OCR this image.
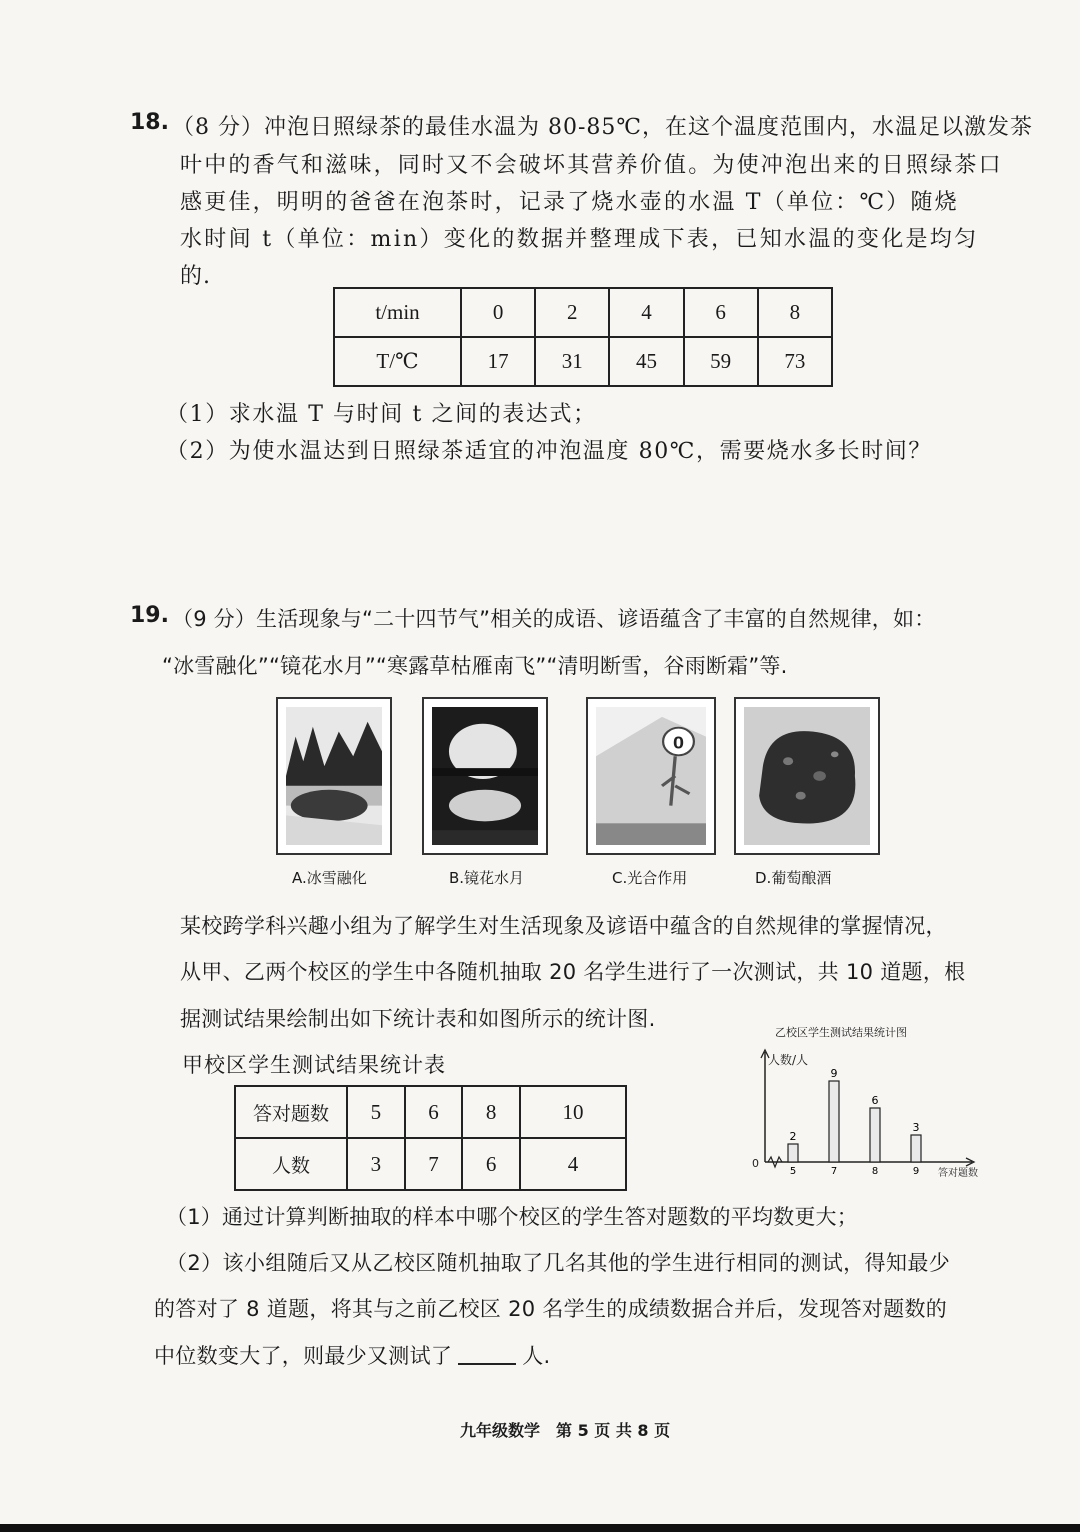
18. （8 分）冲泡日照绿茶的最佳水温为 80-85℃，在这个温度范围内，水温足以激发茶
叶中的香气和滋味，同时又不会破坏其营养价值。为使冲泡出来的日照绿茶口
感更佳，明明的爸爸在泡茶时，记录了烧水壶的水温 T（单位：℃）随烧
水时间 t（单位：min）变化的数据并整理成下表，已知水温的变化是均匀
的.
t/min	0	2	4	6	8
T/℃	17	31	45	59	73
（1）求水温 T 与时间 t 之间的表达式；
（2）为使水温达到日照绿茶适宜的冲泡温度 80℃，需要烧水多长时间？
19. （9 分）生活现象与“二十四节气”相关的成语、谚语蕴含了丰富的自然规律，如：
“冰雪融化”“镜花水月”“寒露草枯雁南飞”“清明断雪，谷雨断霜”等.
0
A.冰雪融化	B.镜花水月	C.光合作用	D.葡萄酿酒
某校跨学科兴趣小组为了解学生对生活现象及谚语中蕴含的自然规律的掌握情况，
从甲、乙两个校区的学生中各随机抽取 20 名学生进行了一次测试，共 10 道题，根
据测试结果绘制出如下统计表和如图所示的统计图.
甲校区学生测试结果统计表
答对题数	5	6	8	10
人数	3	7	6	4
乙校区学生测试结果统计图
人数/人
答对题数
0
2
5
9
7
6
8
3
9
（1）通过计算判断抽取的样本中哪个校区的学生答对题数的平均数更大；
（2）该小组随后又从乙校区随机抽取了几名其他的学生进行相同的测试，得知最少
的答对了 8 道题，将其与之前乙校区 20 名学生的成绩数据合并后，发现答对题数的
中位数变大了，则最少又测试了	人.
九年级数学　第 5 页 共 8 页
